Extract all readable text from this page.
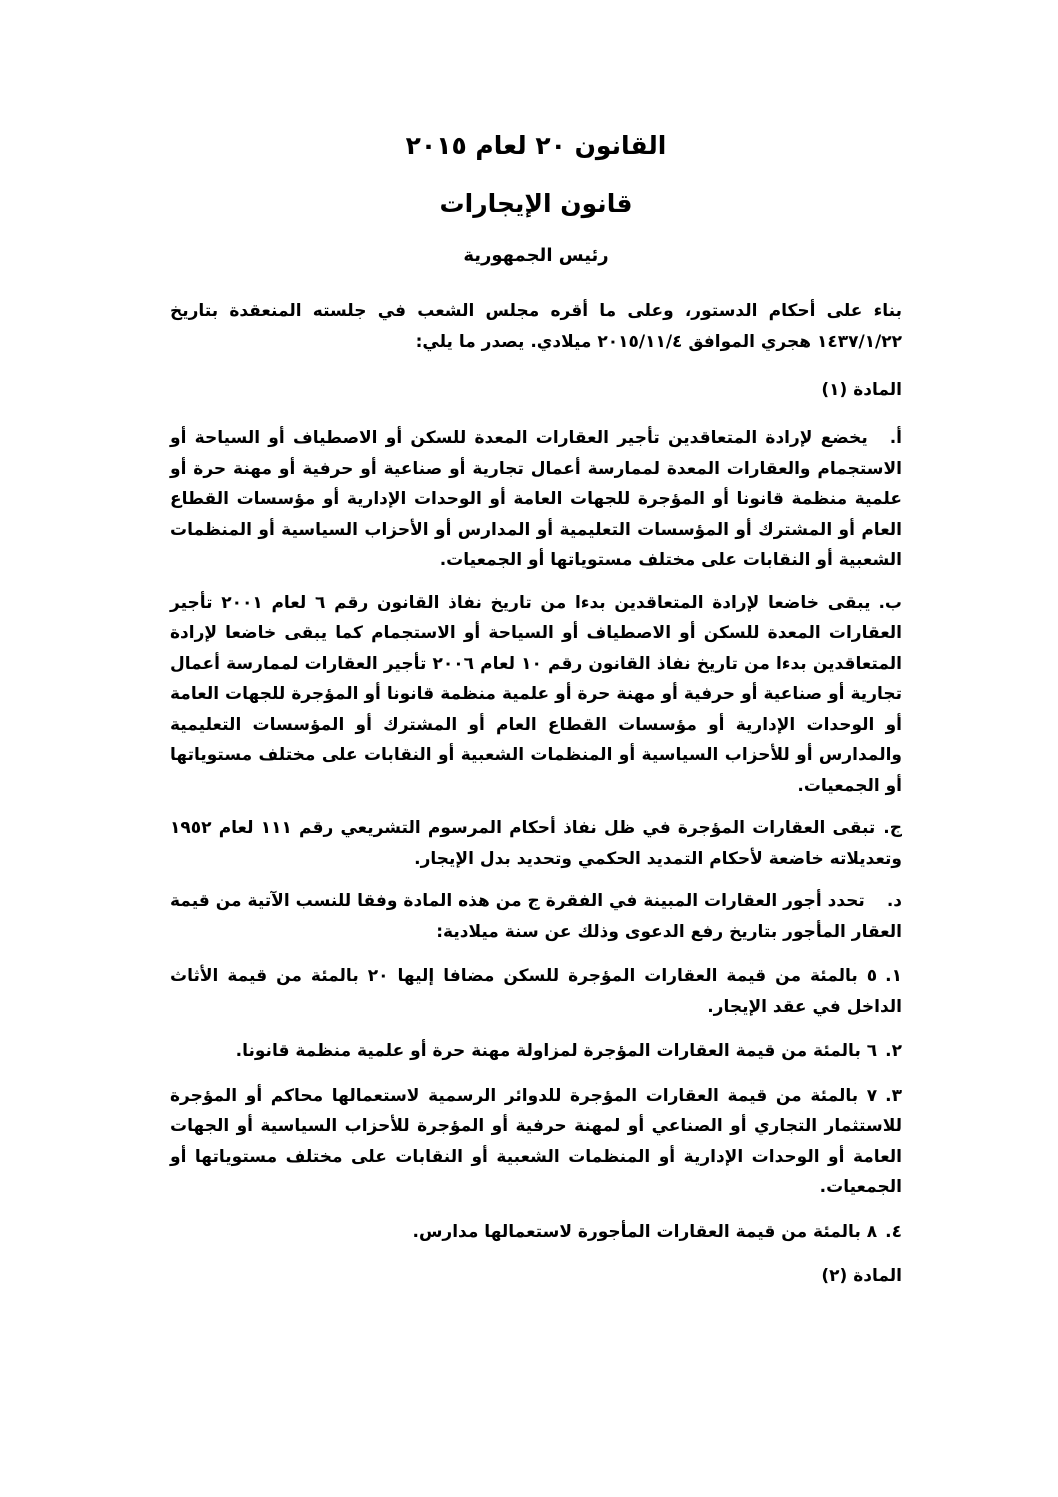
القانون ٢٠ لعام ٢٠١٥
قانون الإيجارات
رئيس الجمهورية

بناء على أحكام الدستور، وعلى ما أقره مجلس الشعب في جلسته المنعقدة بتاريخ ١٤٣٧/١/٢٢ هجري الموافق ٢٠١٥/١١/٤ ميلادي. يصدر ما يلي:

المادة (١)

أ.يخضع لإرادة المتعاقدين تأجير العقارات المعدة للسكن أو الاصطياف أو السياحة أو الاستجمام والعقارات المعدة لممارسة أعمال تجارية أو صناعية أو حرفية أو مهنة حرة أو علمية منظمة قانونا أو المؤجرة للجهات العامة أو الوحدات الإدارية أو مؤسسات القطاع العام أو المشترك أو المؤسسات التعليمية أو المدارس أو الأحزاب السياسية أو المنظمات الشعبية أو النقابات على مختلف مستوياتها أو الجمعيات.

ب.يبقى خاضعا لإرادة المتعاقدين بدءا من تاريخ نفاذ القانون رقم ٦ لعام ٢٠٠١ تأجير العقارات المعدة للسكن أو الاصطياف أو السياحة أو الاستجمام كما يبقى خاضعا لإرادة المتعاقدين بدءا من تاريخ نفاذ القانون رقم ١٠ لعام ٢٠٠٦ تأجير العقارات لممارسة أعمال تجارية أو صناعية أو حرفية أو مهنة حرة أو علمية منظمة قانونا أو المؤجرة للجهات العامة أو الوحدات الإدارية أو مؤسسات القطاع العام أو المشترك أو المؤسسات التعليمية والمدارس أو للأحزاب السياسية أو المنظمات الشعبية أو النقابات على مختلف مستوياتها أو الجمعيات.

ج.تبقى العقارات المؤجرة في ظل نفاذ أحكام المرسوم التشريعي رقم ١١١ لعام ١٩٥٢ وتعديلاته خاضعة لأحكام التمديد الحكمي وتحديد بدل الإيجار.

د.تحدد أجور العقارات المبينة في الفقرة ج من هذه المادة وفقا للنسب الآتية من قيمة العقار المأجور بتاريخ رفع الدعوى وذلك عن سنة ميلادية:

١.٥ بالمئة من قيمة العقارات المؤجرة للسكن مضافا إليها ٢٠ بالمئة من قيمة الأثاث الداخل في عقد الإيجار.

٢.٦ بالمئة من قيمة العقارات المؤجرة لمزاولة مهنة حرة أو علمية منظمة قانونا.

٣.٧ بالمئة من قيمة العقارات المؤجرة للدوائر الرسمية لاستعمالها محاكم أو المؤجرة للاستثمار التجاري أو الصناعي أو لمهنة حرفية أو المؤجرة للأحزاب السياسية أو الجهات العامة أو الوحدات الإدارية أو المنظمات الشعبية أو النقابات على مختلف مستوياتها أو الجمعيات.

٤.٨ بالمئة من قيمة العقارات المأجورة لاستعمالها مدارس.

المادة (٢)
